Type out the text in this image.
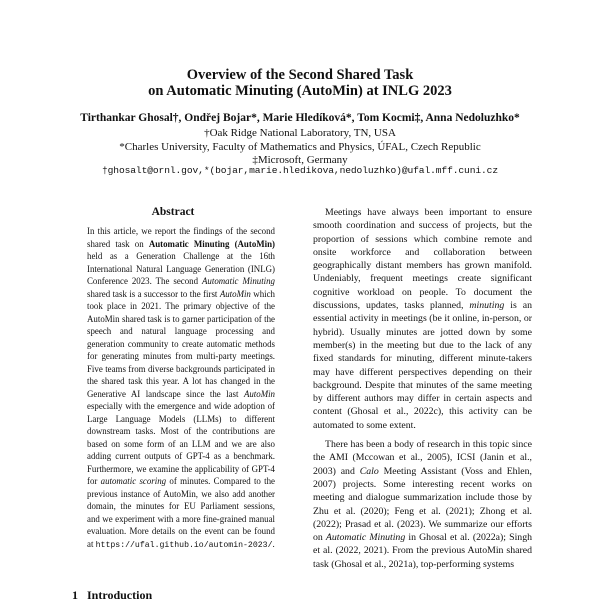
Overview of the Second Shared Task
on Automatic Minuting (AutoMin) at INLG 2023
Tirthankar Ghosal†, Ondřej Bojar*, Marie Hledíková*, Tom Kocmi‡, Anna Nedoluzhko*
†Oak Ridge National Laboratory, TN, USA
*Charles University, Faculty of Mathematics and Physics, ÚFAL, Czech Republic
‡Microsoft, Germany
†ghosalt@ornl.gov,*(bojar,marie.hledikova,nedoluzhko)@ufal.mff.cuni.cz
Abstract
In this article, we report the findings of the second shared task on Automatic Minuting (AutoMin) held as a Generation Challenge at the 16th International Natural Language Generation (INLG) Conference 2023. The second Automatic Minuting shared task is a successor to the first AutoMin which took place in 2021. The primary objective of the AutoMin shared task is to garner participation of the speech and natural language processing and generation community to create automatic methods for generating minutes from multi-party meetings. Five teams from diverse backgrounds participated in the shared task this year. A lot has changed in the Generative AI landscape since the last AutoMin especially with the emergence and wide adoption of Large Language Models (LLMs) to different downstream tasks. Most of the contributions are based on some form of an LLM and we are also adding current outputs of GPT-4 as a benchmark. Furthermore, we examine the applicability of GPT-4 for automatic scoring of minutes. Compared to the previous instance of AutoMin, we also add another domain, the minutes for EU Parliament sessions, and we experiment with a more fine-grained manual evaluation. More details on the event can be found at https://ufal.github.io/automin-2023/.

Meetings have always been important to ensure smooth coordination and success of projects, but the proportion of sessions which combine remote and onsite workforce and collaboration between geographically distant members has grown manifold. Undeniably, frequent meetings create significant cognitive workload on people. To document the discussions, updates, tasks planned, minuting is an essential activity in meetings (be it online, in-person, or hybrid). Usually minutes are jotted down by some member(s) in the meeting but due to the lack of any fixed standards for minuting, different minute-takers may have different perspectives depending on their background. Despite that minutes of the same meeting by different authors may differ in certain aspects and content (Ghosal et al., 2022c), this activity can be automated to some extent.

There has been a body of research in this topic since the AMI (Mccowan et al., 2005), ICSI (Janin et al., 2003) and Calo Meeting Assistant (Voss and Ehlen, 2007) projects. Some interesting recent works on meeting and dialogue summarization include those by Zhu et al. (2020); Feng et al. (2021); Zhong et al. (2022); Prasad et al. (2023). We summarize our efforts on Automatic Minuting in Ghosal et al. (2022a); Singh et al. (2022, 2021). From the previous AutoMin shared task (Ghosal et al., 2021a), top-performing systems

1 Introduction
